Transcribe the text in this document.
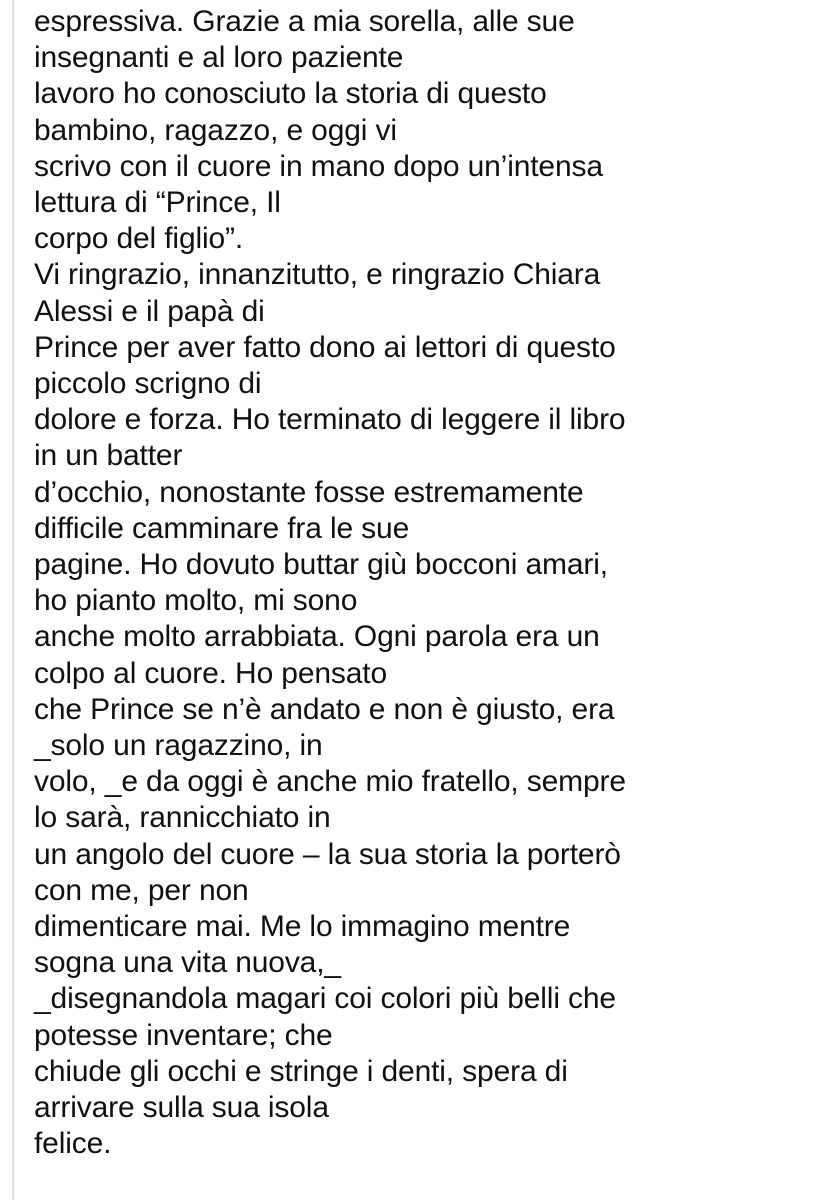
espressiva. Grazie a mia sorella, alle sue
insegnanti e al loro paziente
lavoro ho conosciuto la storia di questo
bambino, ragazzo, e oggi vi
scrivo con il cuore in mano dopo un’intensa
lettura di “Prince, Il
corpo del figlio”.
Vi ringrazio, innanzitutto, e ringrazio Chiara
Alessi e il papà di
Prince per aver fatto dono ai lettori di questo
piccolo scrigno di
dolore e forza. Ho terminato di leggere il libro
in un batter
d’occhio, nonostante fosse estremamente
difficile camminare fra le sue
pagine. Ho dovuto buttar giù bocconi amari,
ho pianto molto, mi sono
anche molto arrabbiata. Ogni parola era un
colpo al cuore. Ho pensato
che Prince se n’è andato e non è giusto, era
_solo un ragazzino, in
volo, _e da oggi è anche mio fratello, sempre
lo sarà, rannicchiato in
un angolo del cuore – la sua storia la porterò
con me, per non
dimenticare mai. Me lo immagino mentre
sogna una vita nuova,_
_disegnandola magari coi colori più belli che
potesse inventare; che
chiude gli occhi e stringe i denti, spera di
arrivare sulla sua isola
felice.
